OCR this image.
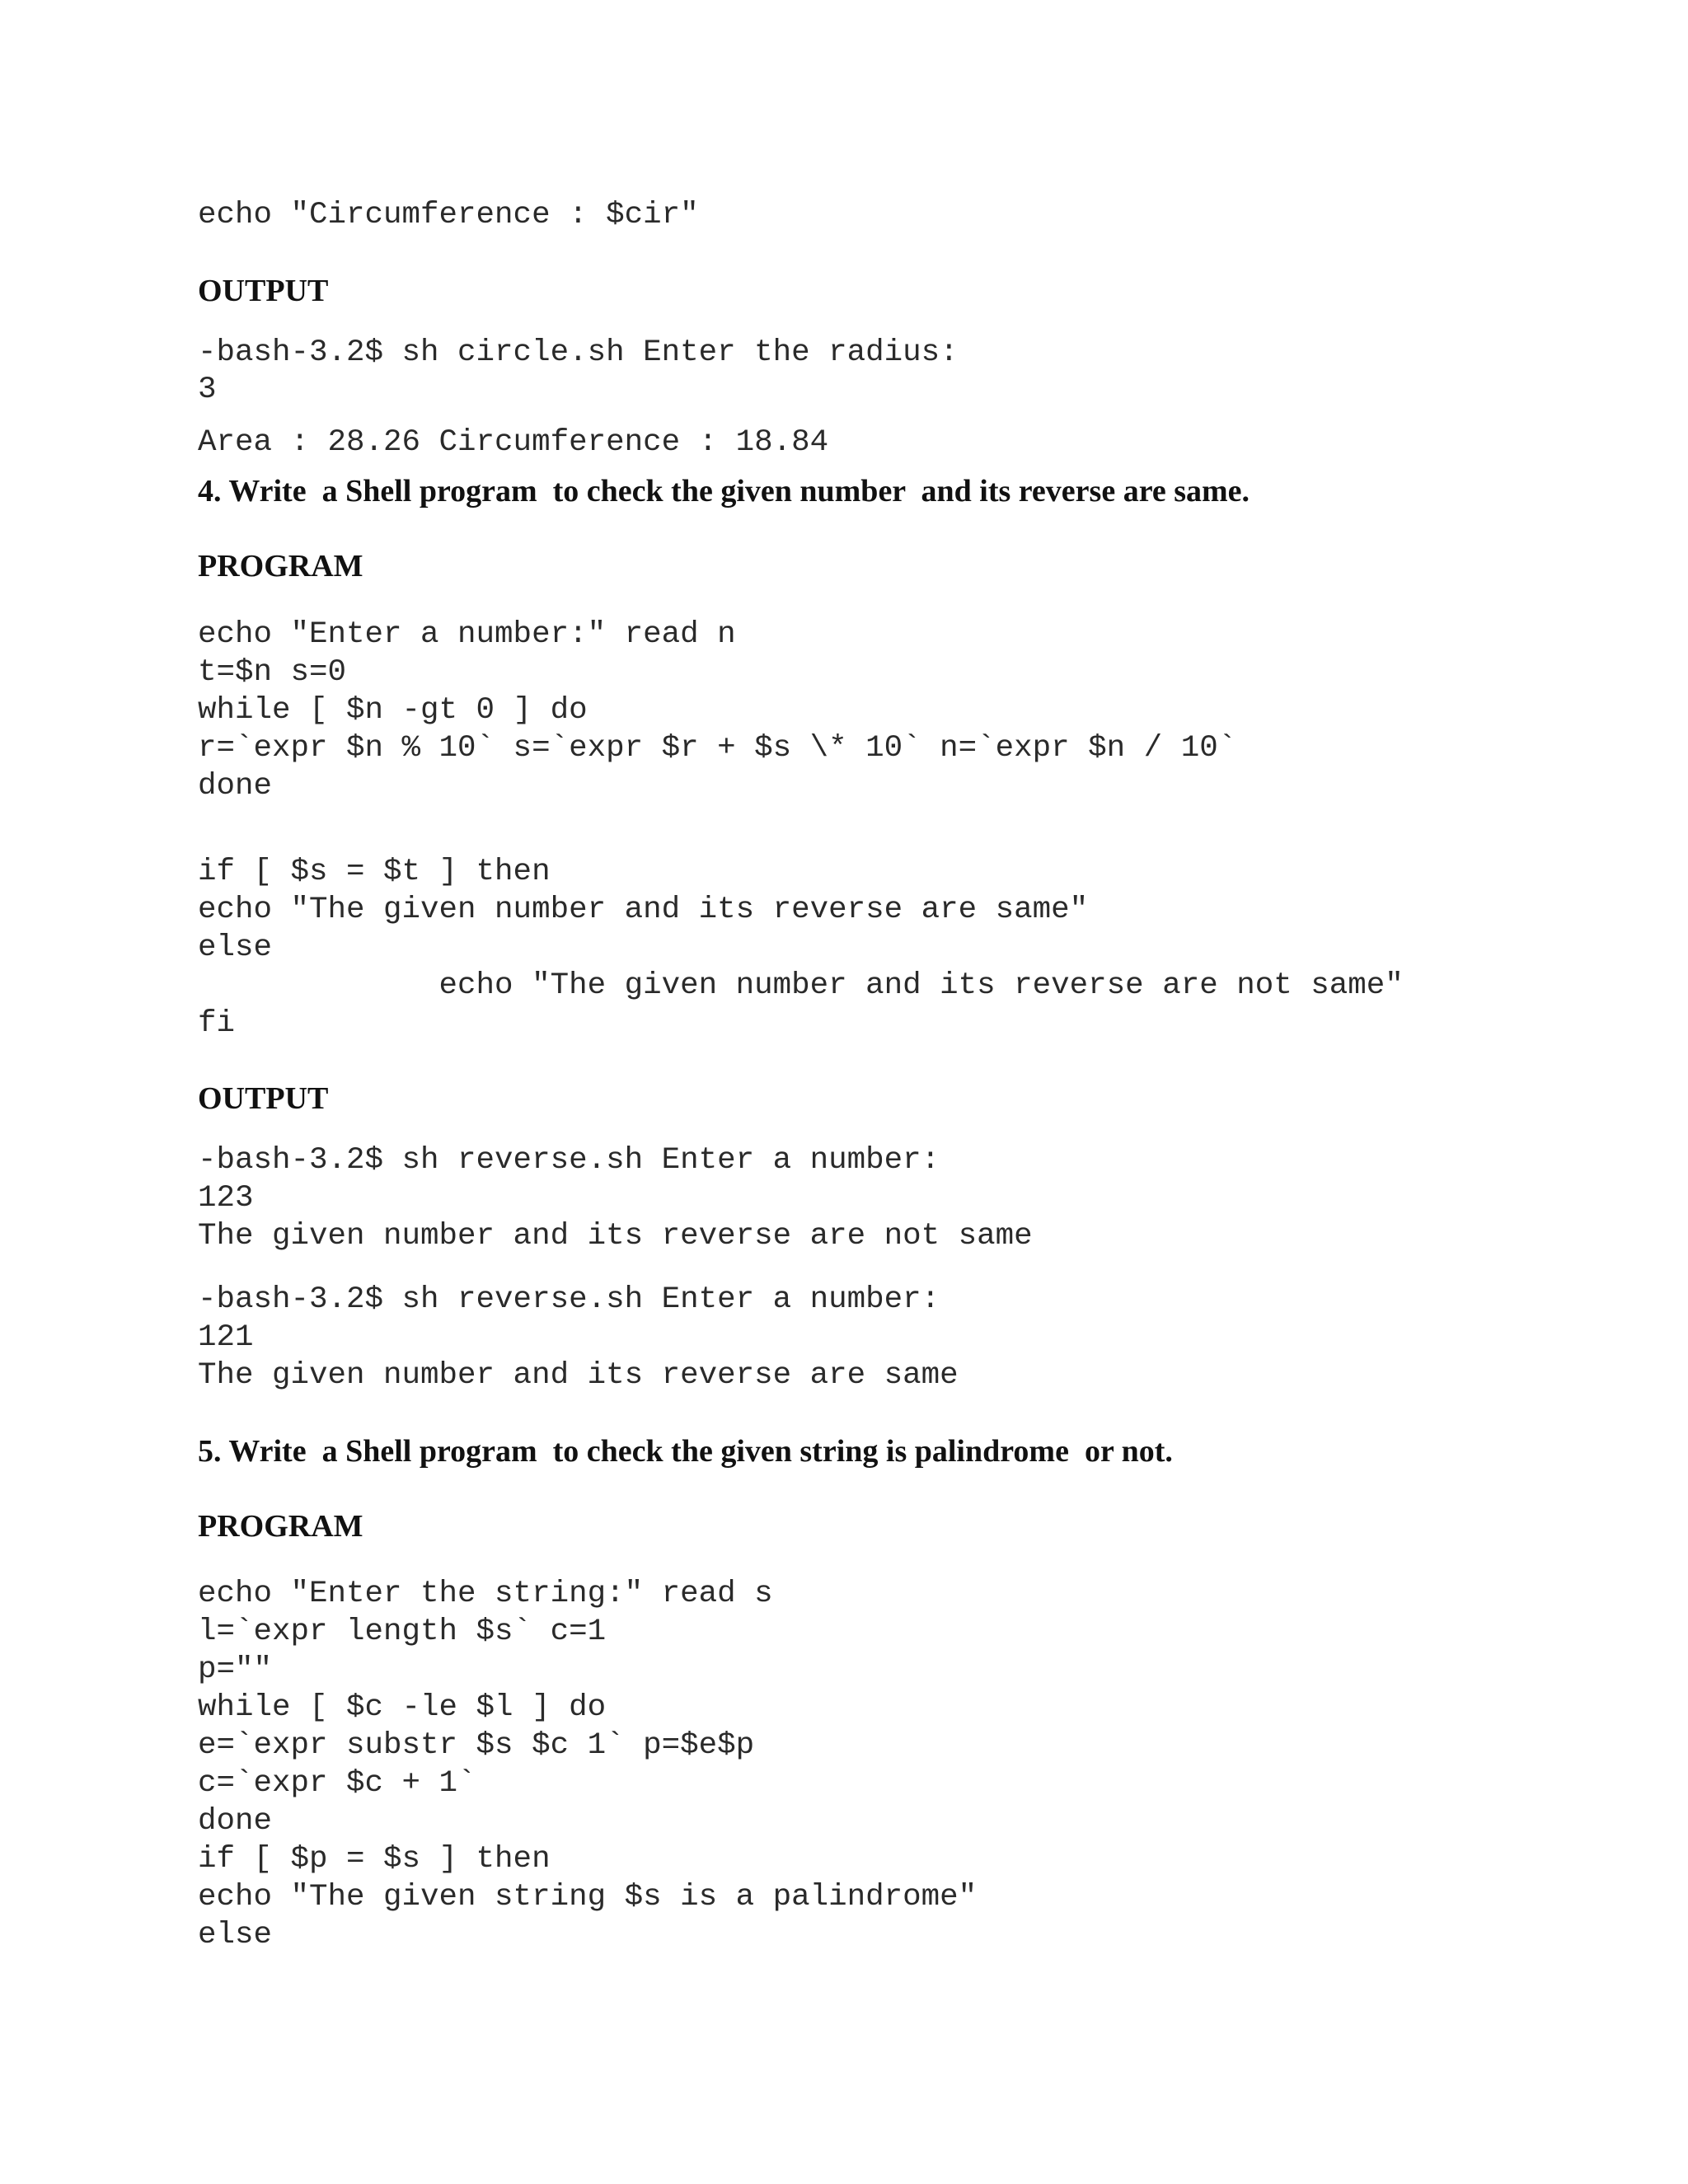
echo "Circumference : $cir"
OUTPUT
-bash-3.2$ sh circle.sh Enter the radius:
3
Area : 28.26 Circumference : 18.84
4. Write  a Shell program  to check the given number  and its reverse are same.
PROGRAM
echo "Enter a number:" read n
t=$n s=0
while [ $n -gt 0 ] do
r=`expr $n % 10` s=`expr $r + $s \* 10` n=`expr $n / 10`
done
if [ $s = $t ] then
echo "The given number and its reverse are same"
else
echo "The given number and its reverse are not same"
fi
OUTPUT
-bash-3.2$ sh reverse.sh Enter a number:
123
The given number and its reverse are not same
-bash-3.2$ sh reverse.sh Enter a number:
121
The given number and its reverse are same
5. Write  a Shell program  to check the given string is palindrome  or not.
PROGRAM
echo "Enter the string:" read s
l=`expr length $s` c=1
p=""
while [ $c -le $l ] do
e=`expr substr $s $c 1` p=$e$p
c=`expr $c + 1`
done
if [ $p = $s ] then
echo "The given string $s is a palindrome"
else
